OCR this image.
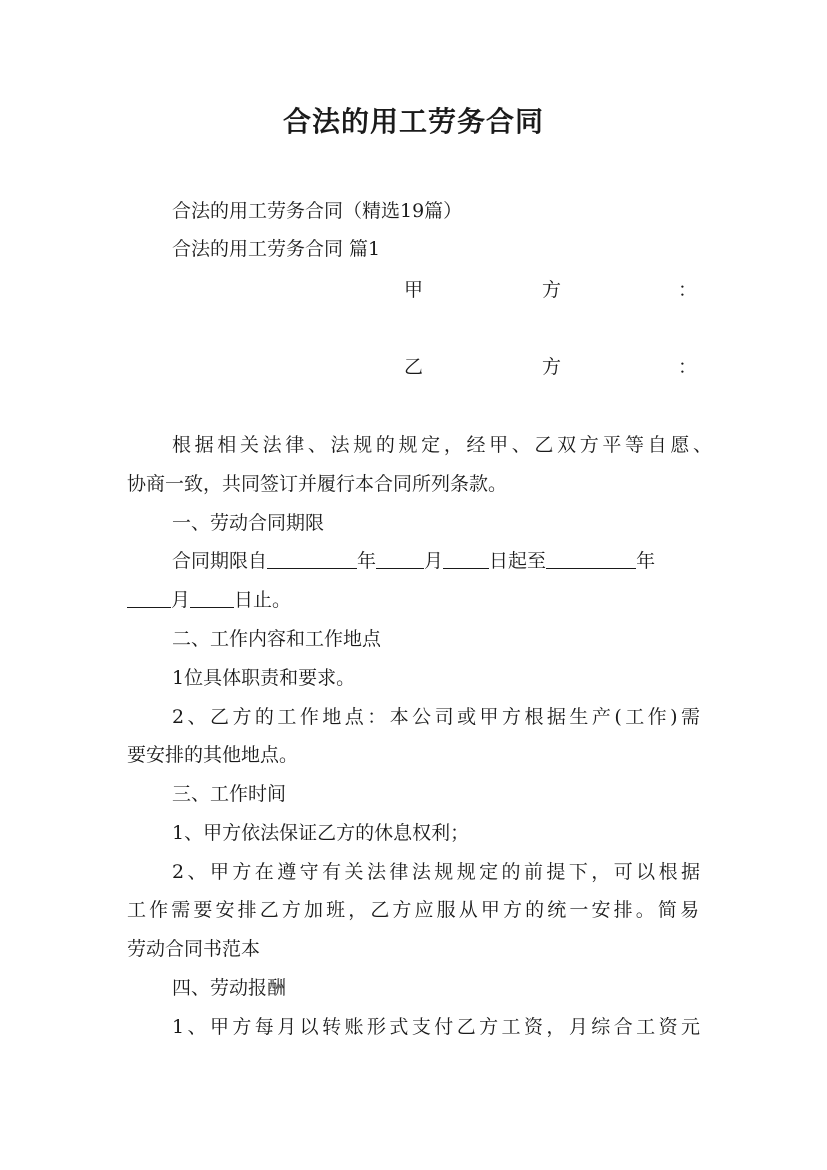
合法的用工劳务合同

合法的用工劳务合同（精选19篇）

合法的用工劳务合同 篇1

甲	方	：
乙	方	：

根据相关法律、法规的规定，经甲、乙双方平等自愿、

协商一致，共同签订并履行本合同所列条款。

一、劳动合同期限

合同期限自	年	月 日起至	年

月 日止。

二、工作内容和工作地点

1位具体职责和要求。

2、乙方的工作地点：本公司或甲方根据生产(工作)需

要安排的其他地点。

三、工作时间

1、甲方依法保证乙方的休息权利；

2、甲方在遵守有关法律法规规定的前提下，可以根据

工作需要安排乙方加班，乙方应服从甲方的统一安排。简易

劳动合同书范本

四、劳动报酬

1、甲方每月以转账形式支付乙方工资，月综合工资元
